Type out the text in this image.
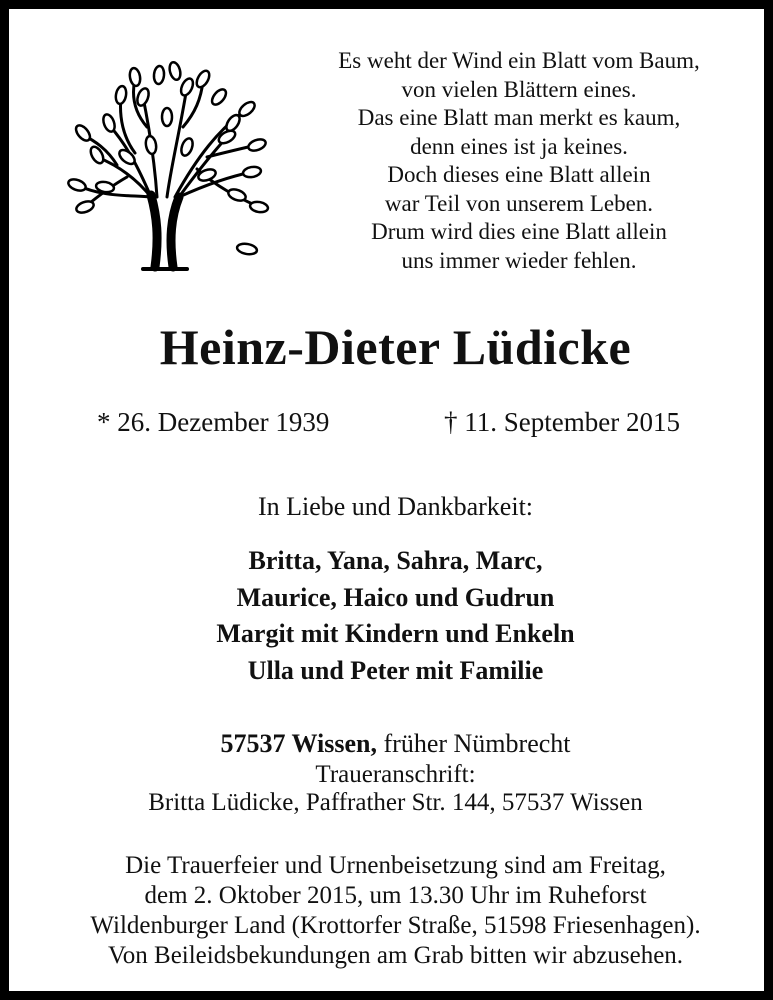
Es weht der Wind ein Blatt vom Baum,
von vielen Blättern eines.
Das eine Blatt man merkt es kaum,
denn eines ist ja keines.
Doch dieses eine Blatt allein
war Teil von unserem Leben.
Drum wird dies eine Blatt allein
uns immer wieder fehlen.
Heinz-Dieter Lüdicke
* 26. Dezember 1939	† 11. September 2015
In Liebe und Dankbarkeit:
Britta, Yana, Sahra, Marc,
Maurice, Haico und Gudrun
Margit mit Kindern und Enkeln
Ulla und Peter mit Familie
57537 Wissen, früher Nümbrecht
Traueranschrift:
Britta Lüdicke, Paffrather Str. 144, 57537 Wissen
Die Trauerfeier und Urnenbeisetzung sind am Freitag,
dem 2. Oktober 2015, um 13.30 Uhr im Ruheforst
Wildenburger Land (Krottorfer Straße, 51598 Friesenhagen).
Von Beileidsbekundungen am Grab bitten wir abzusehen.
